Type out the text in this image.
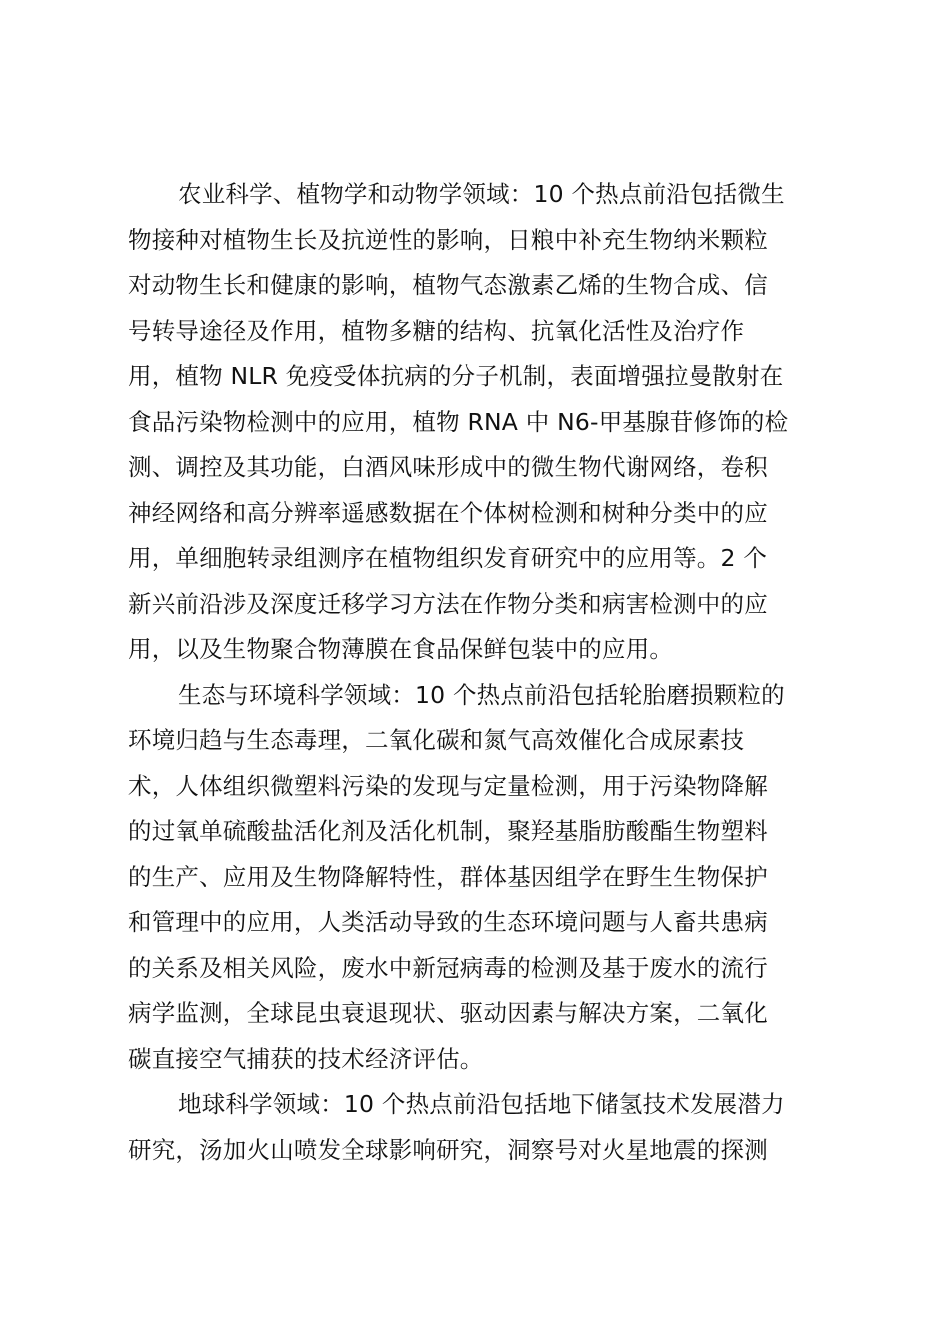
农业科学、植物学和动物学领域：10 个热点前沿包括微生
物接种对植物生长及抗逆性的影响，日粮中补充生物纳米颗粒
对动物生长和健康的影响，植物气态激素乙烯的生物合成、信
号转导途径及作用，植物多糖的结构、抗氧化活性及治疗作
用，植物 NLR 免疫受体抗病的分子机制，表面增强拉曼散射在
食品污染物检测中的应用，植物 RNA 中 N6-甲基腺苷修饰的检
测、调控及其功能，白酒风味形成中的微生物代谢网络，卷积
神经网络和高分辨率遥感数据在个体树检测和树种分类中的应
用，单细胞转录组测序在植物组织发育研究中的应用等。2 个
新兴前沿涉及深度迁移学习方法在作物分类和病害检测中的应
用，以及生物聚合物薄膜在食品保鲜包装中的应用。

生态与环境科学领域：10 个热点前沿包括轮胎磨损颗粒的
环境归趋与生态毒理，二氧化碳和氮气高效催化合成尿素技
术，人体组织微塑料污染的发现与定量检测，用于污染物降解
的过氧单硫酸盐活化剂及活化机制，聚羟基脂肪酸酯生物塑料
的生产、应用及生物降解特性，群体基因组学在野生生物保护
和管理中的应用，人类活动导致的生态环境问题与人畜共患病
的关系及相关风险，废水中新冠病毒的检测及基于废水的流行
病学监测，全球昆虫衰退现状、驱动因素与解决方案，二氧化
碳直接空气捕获的技术经济评估。

地球科学领域：10 个热点前沿包括地下储氢技术发展潜力
研究，汤加火山喷发全球影响研究，洞察号对火星地震的探测
